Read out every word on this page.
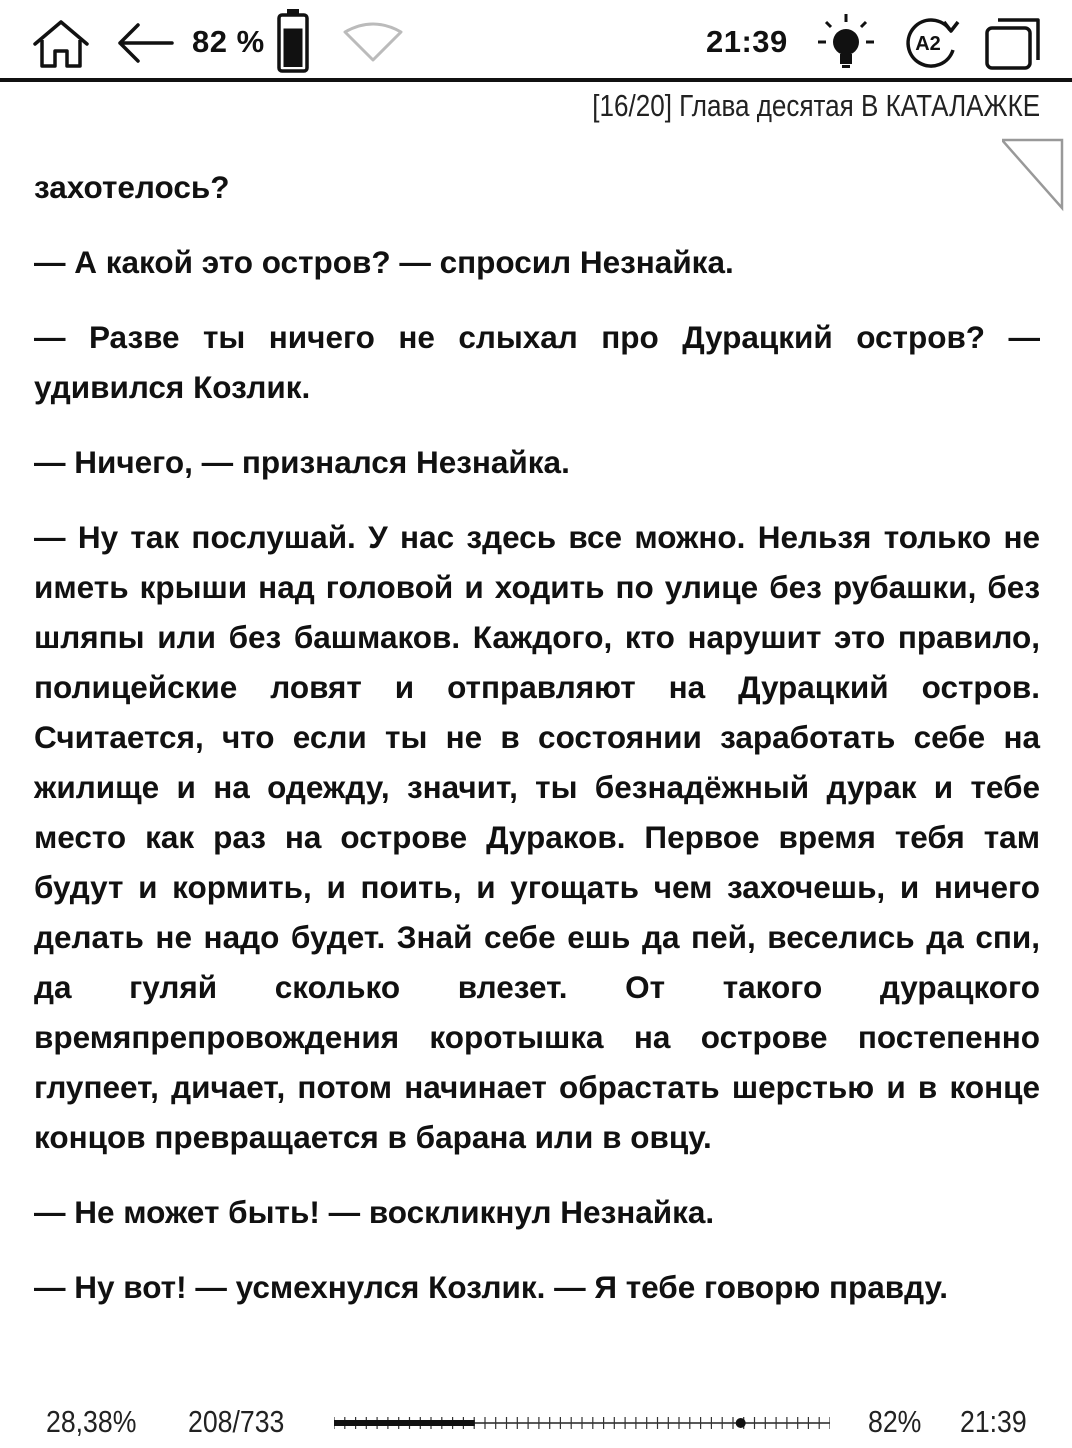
82 %	21:39	A2
[16/20] Глава десятая В КАТАЛАЖКЕ

захотелось?

— А какой это остров? — спросил Незнайка.

— Разве ты ничего не слыхал про Дурацкий остров? — удивился Козлик.

— Ничего, — признался Незнайка.

— Ну так послушай. У нас здесь все можно. Нельзя только не иметь крыши над головой и ходить по улице без рубашки, без шляпы или без башмаков. Каждого, кто нарушит это правило, полицейские ловят и отправляют на Дурацкий остров. Считается, что если ты не в состоянии заработать себе на жилище и на одежду, значит, ты безнадёжный дурак и тебе место как раз на острове Дураков. Первое время тебя там будут и кормить, и поить, и угощать чем захочешь, и ничего делать не надо будет. Знай себе ешь да пей, веселись да спи, да гуляй сколько влезет. От такого дурацкого времяпрепровождения коротышка на острове постепенно глупеет, дичает, потом начинает обрастать шерстью и в конце концов превращается в барана или в овцу.

— Не может быть! — воскликнул Незнайка.

— Ну вот! — усмехнулся Козлик. — Я тебе говорю правду.

28,38% 208/733	82% 21:39
